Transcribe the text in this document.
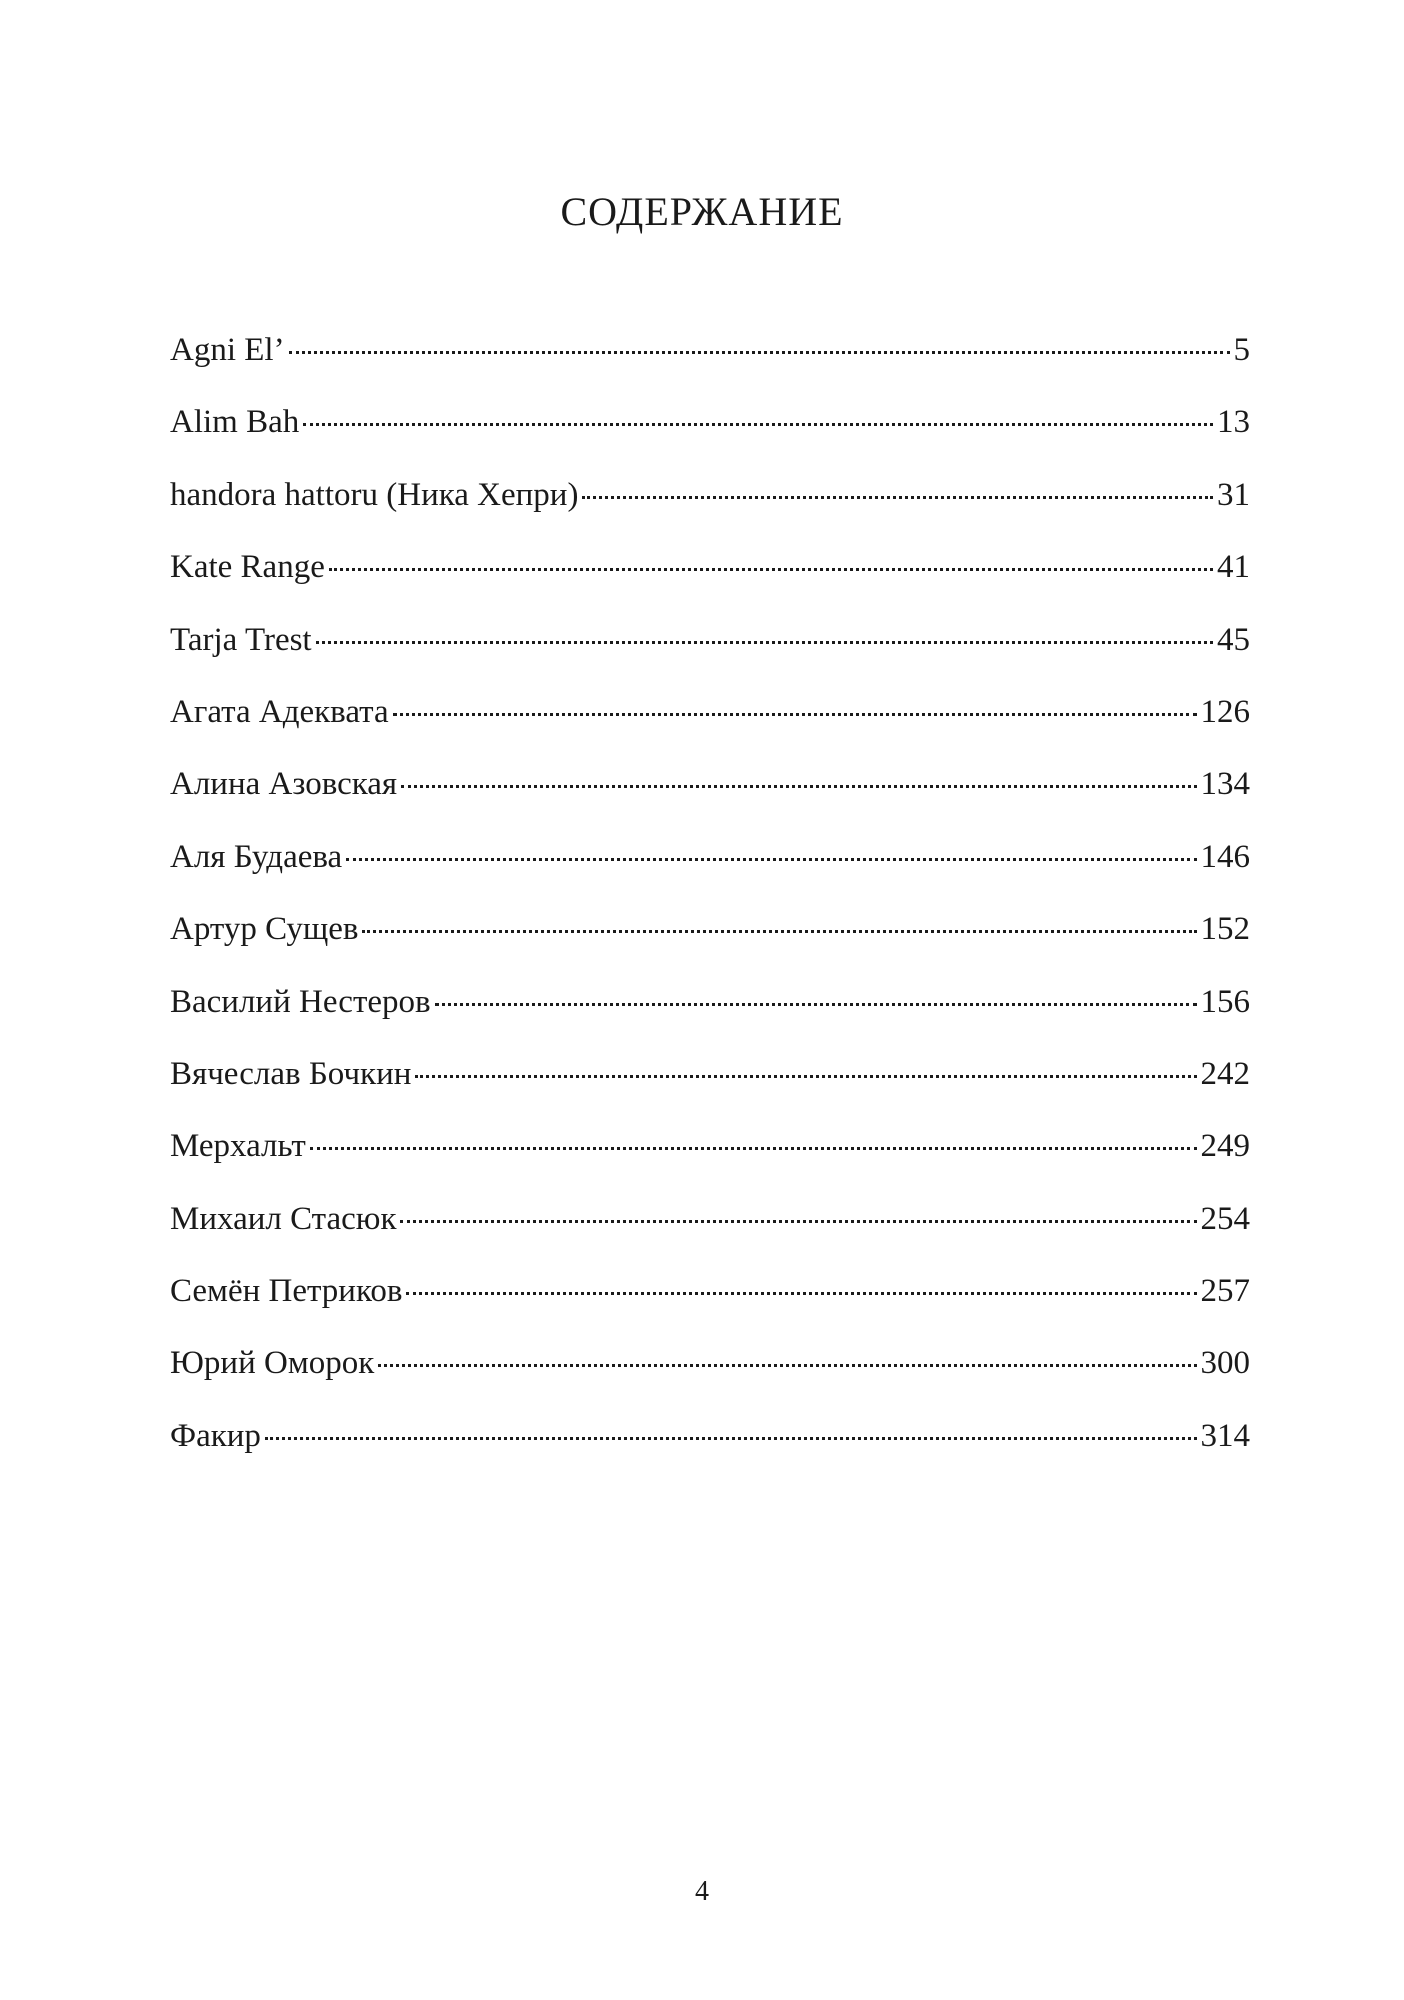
СОДЕРЖАНИЕ
Agni El’	5
Alim Bah	13
handora hattoru (Ника Хепри)	31
Kate Range	41
Tarja Trest	45
Агата Адеквата	126
Алина Азовская	134
Аля Будаева	146
Артур Сущев	152
Василий Нестеров	156
Вячеслав Бочкин	242
Мерхальт	249
Михаил Стасюк	254
Семён Петриков	257
Юрий Оморок	300
Факир	314
4
